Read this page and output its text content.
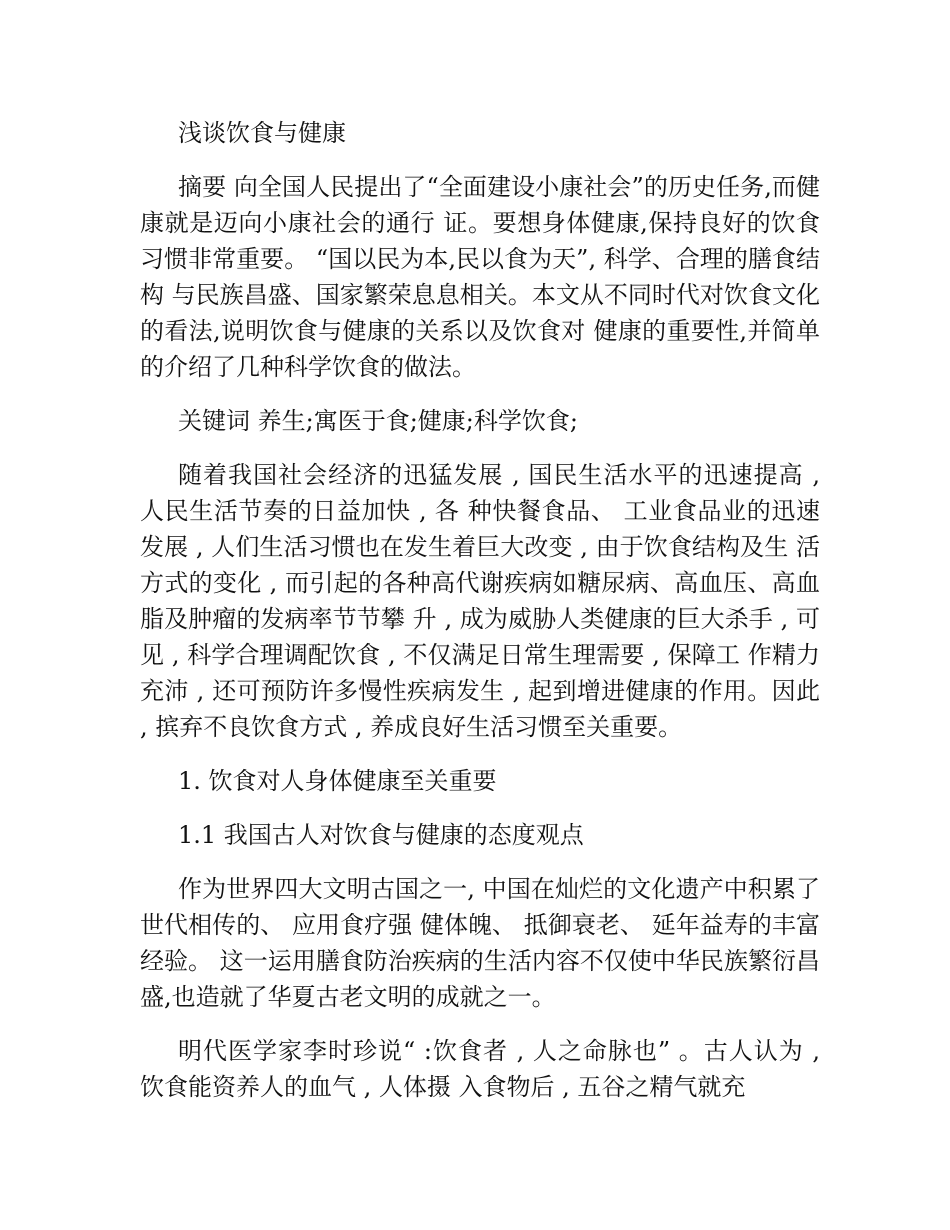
浅谈饮食与健康

摘要 向全国人民提出了“全面建设小康社会”的历史任务,而健康就是迈向小康社会的通行 证。要想身体健康,保持良好的饮食习惯非常重要。 “国以民为本,民以食为天”, 科学、合理的膳食结构 与民族昌盛、国家繁荣息息相关。本文从不同时代对饮食文化的看法,说明饮食与健康的关系以及饮食对 健康的重要性,并简单的介绍了几种科学饮食的做法。

关键词 养生;寓医于食;健康;科学饮食;

随着我国社会经济的迅猛发展 , 国民生活水平的迅速提高 , 人民生活节奏的日益加快 , 各 种快餐食品、 工业食品业的迅速发展 , 人们生活习惯也在发生着巨大改变 , 由于饮食结构及生 活方式的变化 , 而引起的各种高代谢疾病如糖尿病、高血压、高血脂及肿瘤的发病率节节攀 升 , 成为威胁人类健康的巨大杀手 , 可见 , 科学合理调配饮食 , 不仅满足日常生理需要 , 保障工 作精力充沛 , 还可预防许多慢性疾病发生 , 起到增进健康的作用。因此 , 摈弃不良饮食方式 , 养成良好生活习惯至关重要。

1. 饮食对人身体健康至关重要

1.1 我国古人对饮食与健康的态度观点

作为世界四大文明古国之一, 中国在灿烂的文化遗产中积累了世代相传的、 应用食疗强 健体魄、 抵御衰老、 延年益寿的丰富经验。 这一运用膳食防治疾病的生活内容不仅使中华民族繁衍昌盛,也造就了华夏古老文明的成就之一。

明代医学家李时珍说“ :饮食者 , 人之命脉也” 。古人认为 , 饮食能资养人的血气 , 人体摄 入食物后 , 五谷之精气就充
